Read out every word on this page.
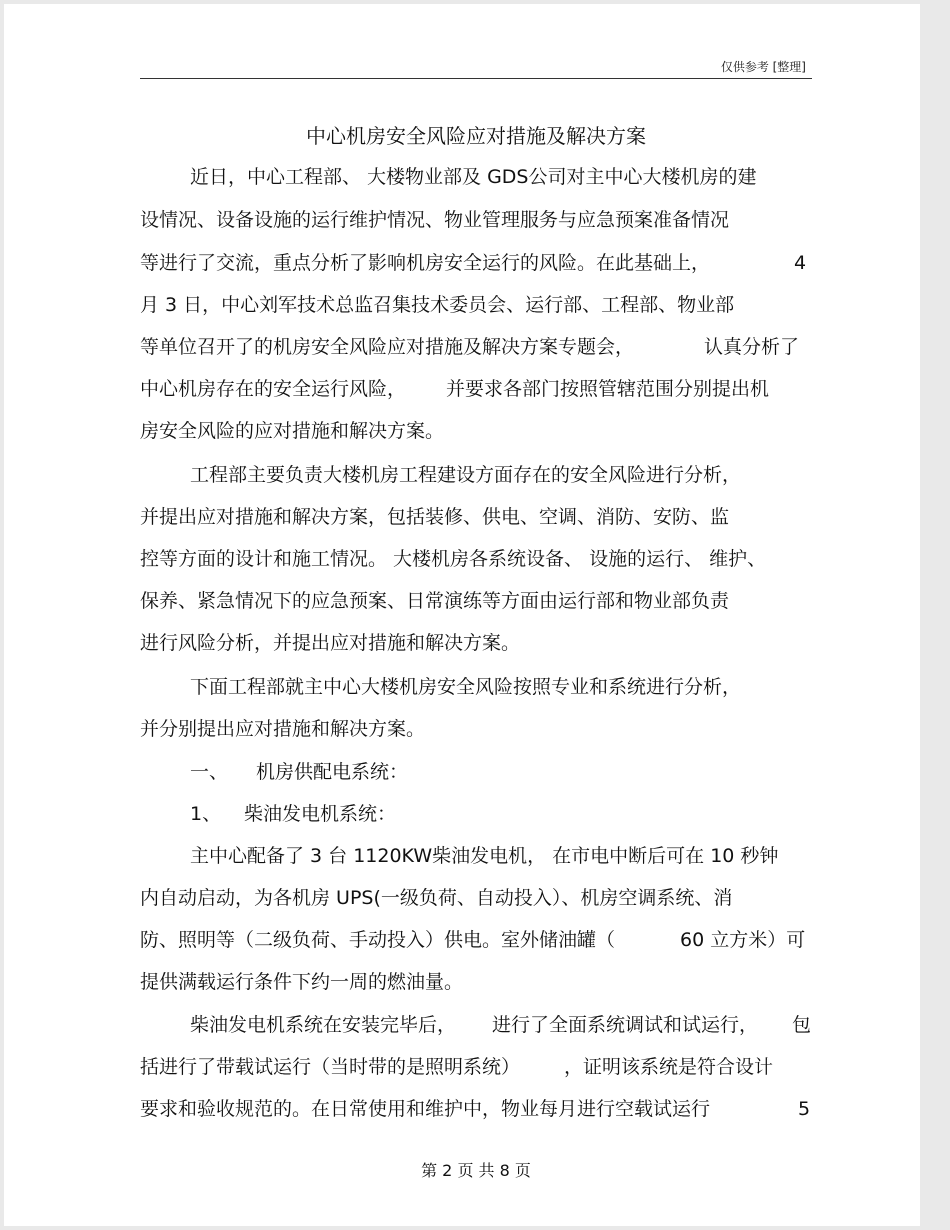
仅供参考 [整理]
中心机房安全风险应对措施及解决方案
近日，中心工程部、 大楼物业部及 GDS公司对主中心大楼机房的建
设情况、设备设施的运行维护情况、物业管理服务与应急预案准备情况
等进行了交流，重点分析了影响机房安全运行的风险。在此基础上，	4
月 3 日，中心刘军技术总监召集技术委员会、运行部、工程部、物业部
等单位召开了的机房安全风险应对措施及解决方案专题会，	认真分析了
中心机房存在的安全运行风险， 并要求各部门按照管辖范围分别提出机
房安全风险的应对措施和解决方案。
工程部主要负责大楼机房工程建设方面存在的安全风险进行分析，
并提出应对措施和解决方案，包括装修、供电、空调、消防、安防、监
控等方面的设计和施工情况。 大楼机房各系统设备、 设施的运行、 维护、
保养、紧急情况下的应急预案、日常演练等方面由运行部和物业部负责
进行风险分析，并提出应对措施和解决方案。
下面工程部就主中心大楼机房安全风险按照专业和系统进行分析，
并分别提出应对措施和解决方案。
一、 机房供配电系统：
1、 柴油发电机系统：
主中心配备了 3 台 1120KW柴油发电机， 在市电中断后可在 10 秒钟
内自动启动，为各机房 UPS(一级负荷、自动投入）、机房空调系统、消
防、照明等（二级负荷、手动投入）供电。室外储油罐（	60 立方米）可
提供满载运行条件下约一周的燃油量。
柴油发电机系统在安装完毕后， 进行了全面系统调试和试运行， 包
括进行了带载试运行（当时带的是照明系统） ，证明该系统是符合设计
要求和验收规范的。在日常使用和维护中，物业每月进行空载试运行	5
第 2 页 共 8 页
